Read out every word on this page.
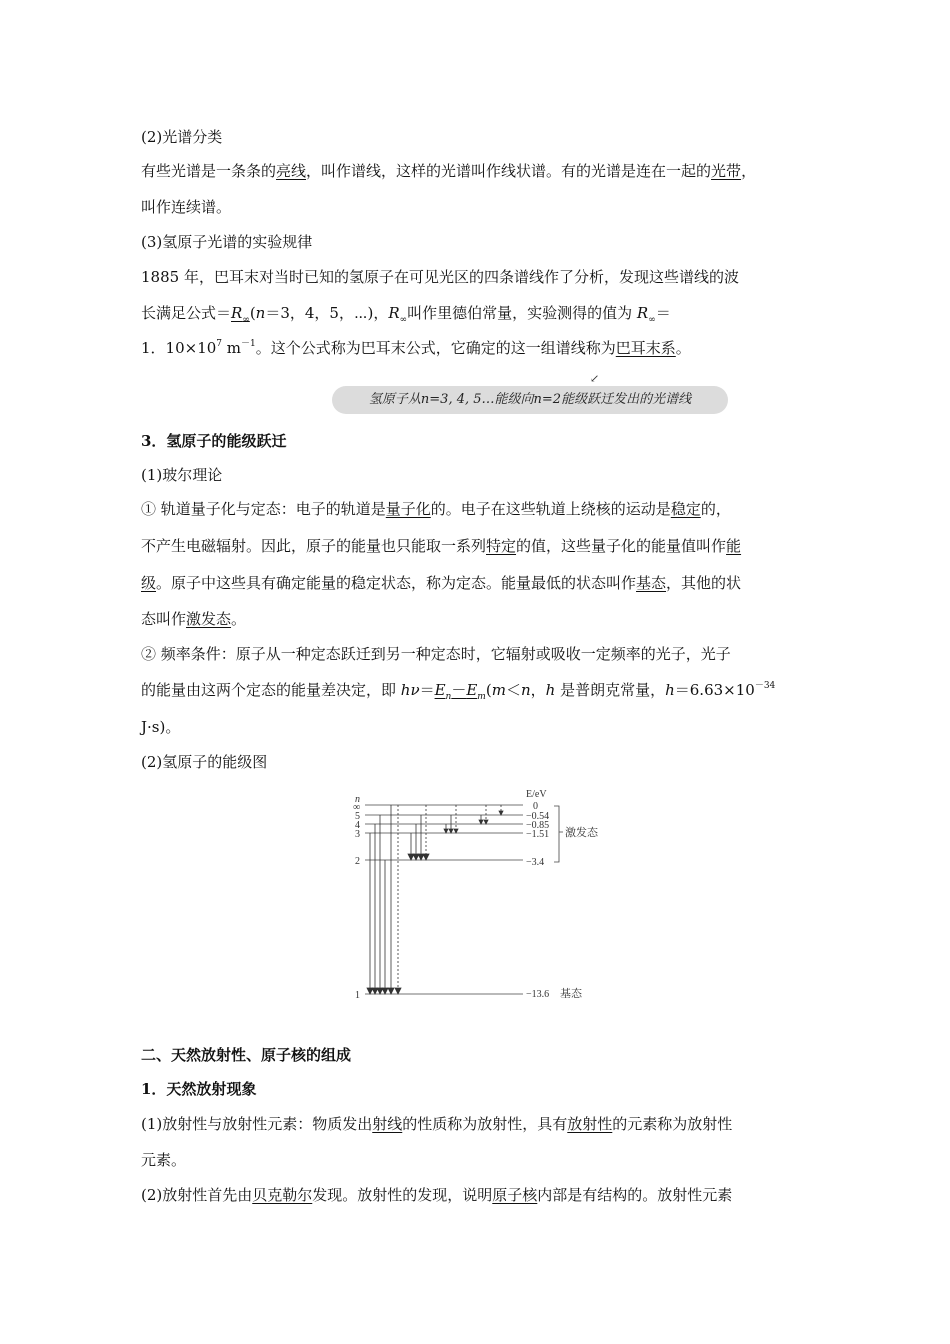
(2)光谱分类
有些光谱是一条条的亮线，叫作谱线，这样的光谱叫作线状谱。有的光谱是连在一起的光带，
叫作连续谱。
(3)氢原子光谱的实验规律
1885 年，巴耳末对当时已知的氢原子在可见光区的四条谱线作了分析，发现这些谱线的波
长满足公式$=R_\infty(n=3$，4，5，⋯)，$R_\infty$叫作里德伯常量，实验测得的值为 $R_\infty=$
1．$10\times 10^7$ $m^{-1}$。这个公式称为巴耳末公式，它确定的这一组谱线称为巴耳末系。
↙
氢原子从n=3, 4, 5…能级向n=2能级跃迁发出的光谱线
3．氢原子的能级跃迁
(1)玻尔理论
① 轨道量子化与定态：电子的轨道是量子化的。电子在这些轨道上绕核的运动是稳定的，
不产生电磁辐射。因此，原子的能量也只能取一系列特定的值，这些量子化的能量值叫作能
级。原子中这些具有确定能量的稳定状态，称为定态。能量最低的状态叫作基态，其他的状
态叫作激发态。
② 频率条件：原子从一种定态跃迁到另一种定态时，它辐射或吸收一定频率的光子，光子
的能量由这两个定态的能量差决定，即 $h\nu=E_n-E_m(m<n$，h 是普朗克常量，$h=6.63\times 10^{-34}$
J·s)。
(2)氢原子的能级图
n	E/eV
∞
5
4
3
2
1
0
−0.54
−0.85
−1.51
−3.4
−13.6
激发态
基态
二、天然放射性、原子核的组成
1．天然放射现象
(1)放射性与放射性元素：物质发出射线的性质称为放射性，具有放射性的元素称为放射性
元素。
(2)放射性首先由贝克勒尔发现。放射性的发现，说明原子核内部是有结构的。放射性元素
